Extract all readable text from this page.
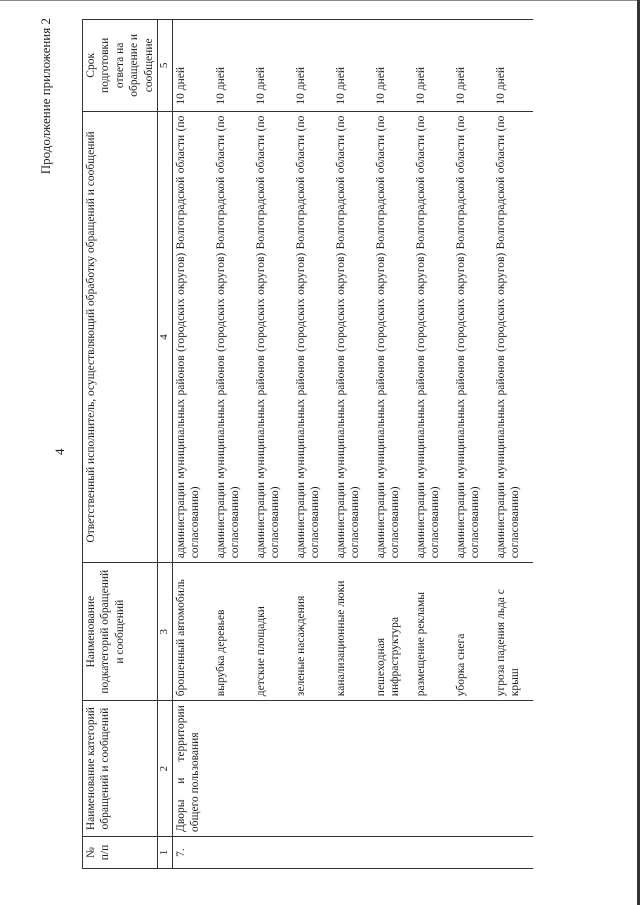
4
Продолжение приложения 2
№ п/п	Наименование категорий обращений и сообщений	Наименование подкатегорий обращений и сообщений	Ответственный исполнитель, осуществляющий обработку обращений и сообщений	Срок подготовки ответа на обращение и сообщение
1	2	3	4	5
7.	Дворы и территории общего пользования	брошенный автомобиль	администрации муниципальных районов (городских округов) Волгоградской области (по согласованию)	10 дней
		вырубка деревьев	администрации муниципальных районов (городских округов) Волгоградской области (по согласованию)	10 дней
		детские площадки	администрации муниципальных районов (городских округов) Волгоградской области (по согласованию)	10 дней
		зеленые насаждения	администрации муниципальных районов (городских округов) Волгоградской области (по согласованию)	10 дней
		канализационные люки	администрации муниципальных районов (городских округов) Волгоградской области (по согласованию)	10 дней
		пешеходная инфраструктура	администрации муниципальных районов (городских округов) Волгоградской области (по согласованию)	10 дней
		размещение рекламы	администрации муниципальных районов (городских округов) Волгоградской области (по согласованию)	10 дней
		уборка снега	администрации муниципальных районов (городских округов) Волгоградской области (по согласованию)	10 дней
		угроза падения льда с крыш	администрации муниципальных районов (городских округов) Волгоградской области (по согласованию)	10 дней
